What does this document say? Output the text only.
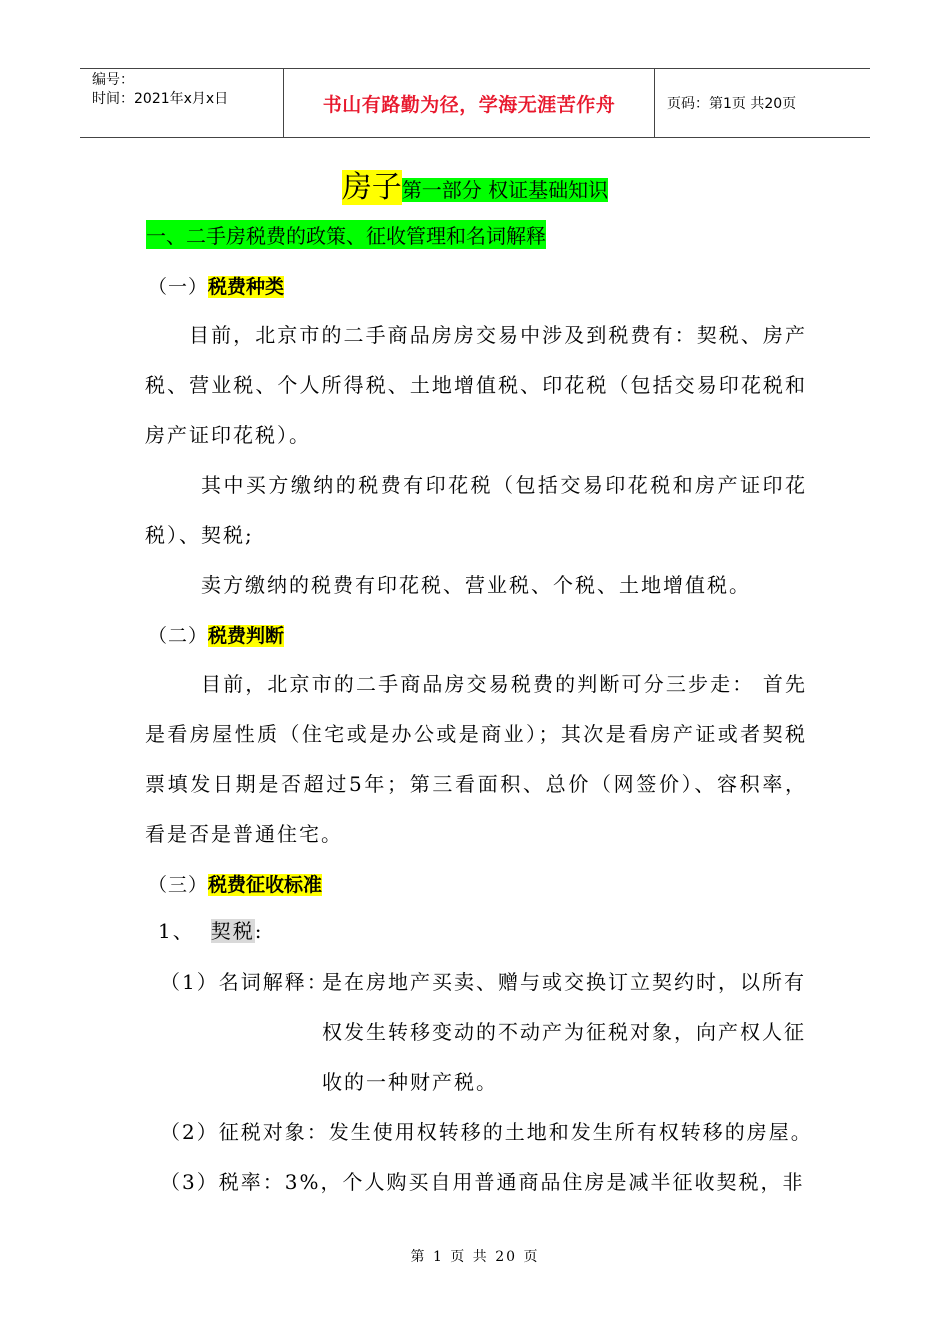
编号：
时间：2021年x月x日	书山有路勤为径，学海无涯苦作舟	页码：第1页 共20页
房子第一部分 权证基础知识
一、二手房税费的政策、征收管理和名词解释
（一）税费种类
目前，北京市的二手商品房房交易中涉及到税费有：契税、房产税、营业税、个人所得税、土地增值税、印花税（包括交易印花税和房产证印花税）。
其中买方缴纳的税费有印花税（包括交易印花税和房产证印花税）、契税;
卖方缴纳的税费有印花税、营业税、个税、土地增值税。
（二）税费判断
目前，北京市的二手商品房交易税费的判断可分三步走： 首先是看房屋性质（住宅或是办公或是商业）；其次是看房产证或者契税票填发日期是否超过5年；第三看面积、总价（网签价）、容积率，看是否是普通住宅。
（三）税费征收标准
1、 契税:
（1）名词解释：
是在房地产买卖、赠与或交换订立契约时，以所有权发生转移变动的不动产为征税对象，向产权人征收的一种财产税。
（2）征税对象：发生使用权转移的土地和发生所有权转移的房屋。
（3）税率：3%，个人购买自用普通商品住房是减半征收契税，非
第 1 页 共 20 页
